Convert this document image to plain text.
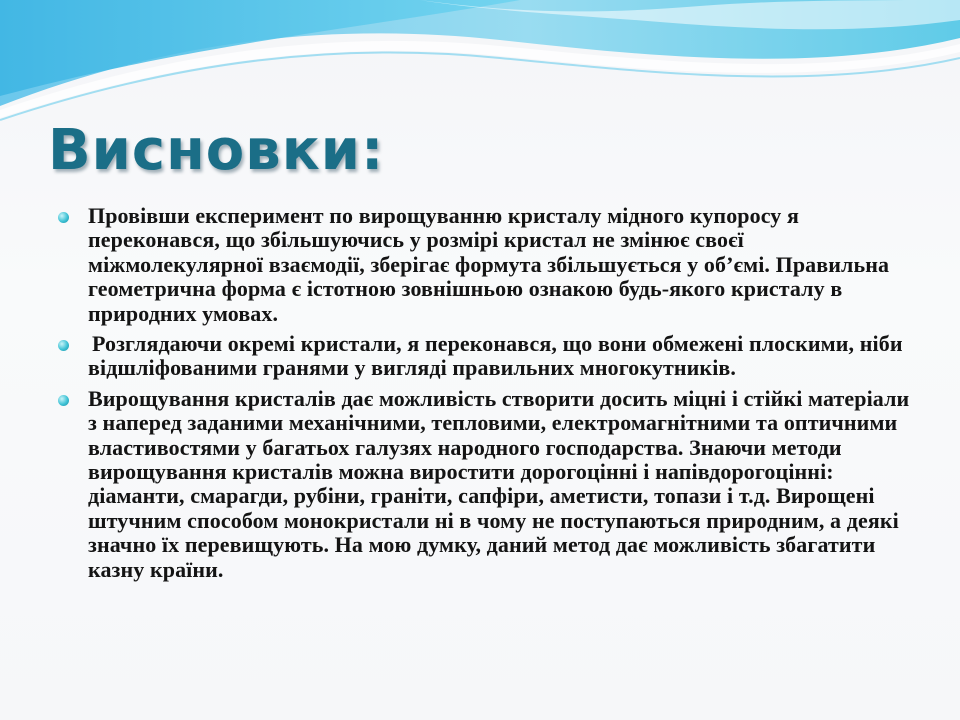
Висновки:
Провівши експеримент по вирощуванню кристалу мідного купоросу я переконався, що збільшуючись у розмірі кристал не змінює своєї міжмолекулярної взаємодії, зберігає формутa збільшується у об’ємі. Правильна геометрична форма є істотною зовнішньою ознакою будь-якого кристалу в природних умовах.
Розглядаючи окремі кристали, я переконався, що вони обмежені плоскими, ніби відшліфованими гранями у вигляді правильних многокутників.
Вирощування кристалів дає можливість створити досить міцні і стійкі матеріали з наперед заданими механічними, тепловими, електромагнітними та оптичними властивостями у багатьох галузях народного господарства. Знаючи методи вирощування кристалів можна виростити дорогоцінні і напівдорогоцінні: діаманти, смарагди, рубіни, граніти, сапфіри, аметисти, топази і т.д. Вирощені штучним способом монокристали ні в чому не поступаються природним, а деякі значно їх перевищують. На мою думку, даний метод дає можливість збагатити казну країни.
